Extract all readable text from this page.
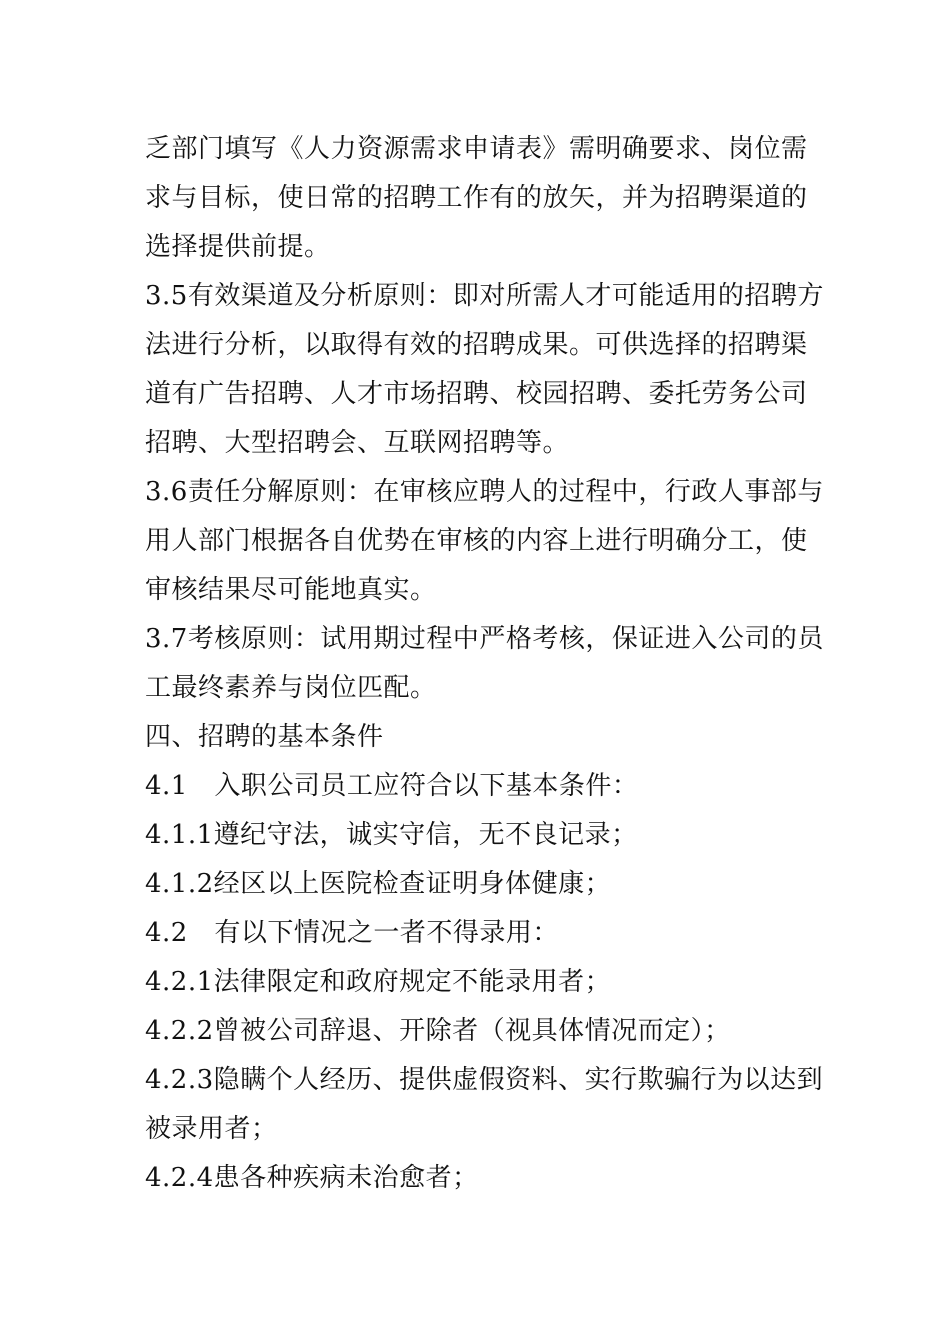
乏部门填写《人力资源需求申请表》需明确要求、岗位需
求与目标，使日常的招聘工作有的放矢，并为招聘渠道的
选择提供前提。
3.5有效渠道及分析原则：即对所需人才可能适用的招聘方
法进行分析，以取得有效的招聘成果。可供选择的招聘渠
道有广告招聘、人才市场招聘、校园招聘、委托劳务公司
招聘、大型招聘会、互联网招聘等。
3.6责任分解原则：在审核应聘人的过程中，行政人事部与
用人部门根据各自优势在审核的内容上进行明确分工，使
审核结果尽可能地真实。
3.7考核原则：试用期过程中严格考核，保证进入公司的员
工最终素养与岗位匹配。
四、招聘的基本条件
4.1　入职公司员工应符合以下基本条件：
4.1.1遵纪守法，诚实守信，无不良记录；
4.1.2经区以上医院检查证明身体健康；
4.2　有以下情况之一者不得录用：
4.2.1法律限定和政府规定不能录用者；
4.2.2曾被公司辞退、开除者（视具体情况而定）；
4.2.3隐瞒个人经历、提供虚假资料、实行欺骗行为以达到
被录用者；
4.2.4患各种疾病未治愈者；
